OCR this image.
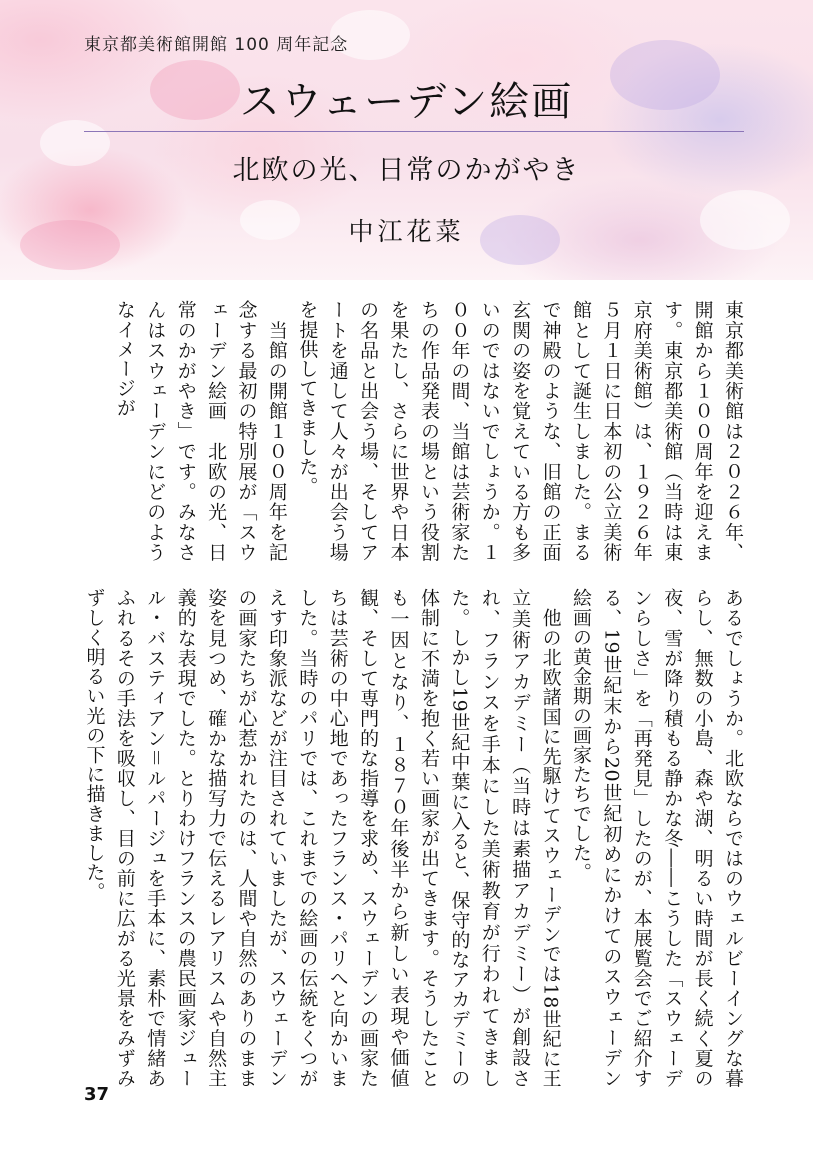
東京都美術館開館 100 周年記念
スウェーデン絵画
北欧の光、日常のかがやき
中江花菜
東京都美術館は２０２６年、開館から１００周年を迎えます。東京都美術館（当時は東京府美術館）は、１９２６年５月１日に日本初の公立美術館として誕生しました。まるで神殿のような、旧館の正面玄関の姿を覚えている方も多いのではないでしょうか。１００年の間、当館は芸術家たちの作品発表の場という役割を果たし、さらに世界や日本の名品と出会う場、そしてアートを通して人々が出会う場を提供してきました。
　当館の開館１００周年を記念する最初の特別展が「スウェーデン絵画　北欧の光、日常のかがやき」です。みなさんはスウェーデンにどのようなイメージが
あるでしょうか。北欧ならではのウェルビーイングな暮らし、無数の小島、森や湖、明るい時間が長く続く夏の夜、雪が降り積もる静かな冬――こうした「スウェーデンらしさ」を「再発見」したのが、本展覧会でご紹介する、19世紀末から20世紀初めにかけてのスウェーデン絵画の黄金期の画家たちでした。
　他の北欧諸国に先駆けてスウェーデンでは18世紀に王立美術アカデミー（当時は素描アカデミー）が創設され、フランスを手本にした美術教育が行われてきました。しかし19世紀中葉に入ると、保守的なアカデミーの体制に不満を抱く若い画家が出てきます。そうしたことも一因となり、１８７０年後半から新しい表現や価値観、そして専門的な指導を求め、スウェーデンの画家たちは芸術の中心地であったフランス・パリへと向かいました。当時のパリでは、これまでの絵画の伝統をくつがえす印象派などが注目されていましたが、スウェーデンの画家たちが心惹かれたのは、人間や自然のありのまま姿を見つめ、確かな描写力で伝えるレアリスムや自然主義的な表現でした。とりわけフランスの農民画家ジュール・バスティアン＝ルパージュを手本に、素朴で情緒あふれるその手法を吸収し、目の前に広がる光景をみずみずしく明るい光の下に描きました。
37
